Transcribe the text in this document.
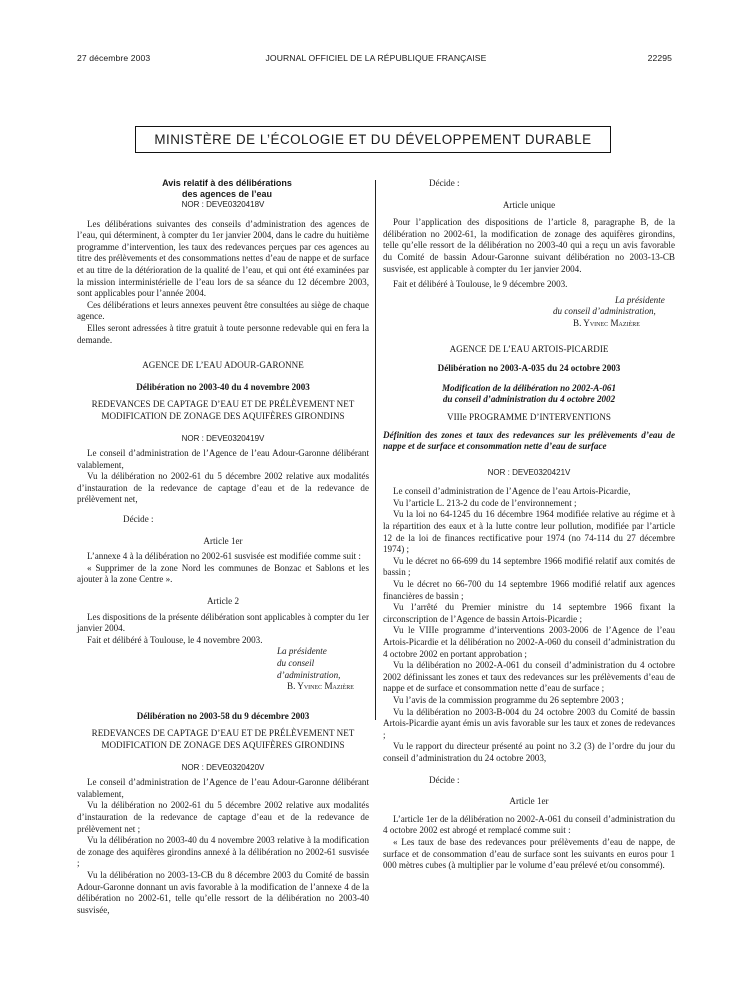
27 décembre 2003	JOURNAL OFFICIEL DE LA RÉPUBLIQUE FRANÇAISE	22295
MINISTÈRE DE L’ÉCOLOGIE ET DU DÉVELOPPEMENT DURABLE
Avis relatif à des délibérations
des agences de l’eau
NOR : DEVE0320418V

Les délibérations suivantes des conseils d’administration des agences de l’eau, qui déterminent, à compter du 1er janvier 2004, dans le cadre du huitième programme d’intervention, les taux des redevances perçues par ces agences au titre des prélèvements et des consommations nettes d’eau de nappe et de surface et au titre de la détérioration de la qualité de l’eau, et qui ont été examinées par la mission interministérielle de l’eau lors de sa séance du 12 décembre 2003, sont applicables pour l’année 2004.

Ces délibérations et leurs annexes peuvent être consultées au siège de chaque agence.

Elles seront adressées à titre gratuit à toute personne redevable qui en fera la demande.

AGENCE DE L’EAU ADOUR-GARONNE
Délibération no 2003-40 du 4 novembre 2003
REDEVANCES DE CAPTAGE D’EAU ET DE PRÉLÈVEMENT NET
MODIFICATION DE ZONAGE DES AQUIFÈRES GIRONDINS
NOR : DEVE0320419V

Le conseil d’administration de l’Agence de l’eau Adour-Garonne délibérant valablement,

Vu la délibération no 2002-61 du 5 décembre 2002 relative aux modalités d’instauration de la redevance de captage d’eau et de la redevance de prélèvement net,

Décide :
Article 1er

L’annexe 4 à la délibération no 2002-61 susvisée est modifiée comme suit :

« Supprimer de la zone Nord les communes de Bonzac et Sablons et les ajouter à la zone Centre ».

Article 2

Les dispositions de la présente délibération sont applicables à compter du 1er janvier 2004.

Fait et délibéré à Toulouse, le 4 novembre 2003.

La présidente
du conseil d’administration,
B. Yvinec Mazière
Délibération no 2003-58 du 9 décembre 2003
REDEVANCES DE CAPTAGE D’EAU ET DE PRÉLÈVEMENT NET
MODIFICATION DE ZONAGE DES AQUIFÈRES GIRONDINS
NOR : DEVE0320420V

Le conseil d’administration de l’Agence de l’eau Adour-Garonne délibérant valablement,

Vu la délibération no 2002-61 du 5 décembre 2002 relative aux modalités d’instauration de la redevance de captage d’eau et de la redevance de prélèvement net ;

Vu la délibération no 2003-40 du 4 novembre 2003 relative à la modification de zonage des aquifères girondins annexé à la délibération no 2002-61 susvisée ;

Vu la délibération no 2003-13-CB du 8 décembre 2003 du Comité de bassin Adour-Garonne donnant un avis favorable à la modification de l’annexe 4 de la délibération no 2002-61, telle qu’elle ressort de la délibération no 2003-40 susvisée,

Décide :
Article unique

Pour l’application des dispositions de l’article 8, paragraphe B, de la délibération no 2002-61, la modification de zonage des aquifères girondins, telle qu’elle ressort de la délibération no 2003-40 qui a reçu un avis favorable du Comité de bassin Adour-Garonne suivant délibération no 2003-13-CB susvisée, est applicable à compter du 1er janvier 2004.

Fait et délibéré à Toulouse, le 9 décembre 2003.

La présidente
du conseil d’administration,
B. Yvinec Mazière
AGENCE DE L’EAU ARTOIS-PICARDIE
Délibération no 2003-A-035 du 24 octobre 2003
Modification de la délibération no 2002-A-061
du conseil d’administration du 4 octobre 2002
VIIIe PROGRAMME D’INTERVENTIONS
Définition des zones et taux des redevances sur les prélèvements d’eau de nappe et de surface et consommation nette d’eau de surface
NOR : DEVE0320421V

Le conseil d’administration de l’Agence de l’eau Artois-Picardie,

Vu l’article L. 213-2 du code de l’environnement ;

Vu la loi no 64-1245 du 16 décembre 1964 modifiée relative au régime et à la répartition des eaux et à la lutte contre leur pollution, modifiée par l’article 12 de la loi de finances rectificative pour 1974 (no 74-114 du 27 décembre 1974) ;

Vu le décret no 66-699 du 14 septembre 1966 modifié relatif aux comités de bassin ;

Vu le décret no 66-700 du 14 septembre 1966 modifié relatif aux agences financières de bassin ;

Vu l’arrêté du Premier ministre du 14 septembre 1966 fixant la circonscription de l’Agence de bassin Artois-Picardie ;

Vu le VIIIe programme d’interventions 2003-2006 de l’Agence de l’eau Artois-Picardie et la délibération no 2002-A-060 du conseil d’administration du 4 octobre 2002 en portant approbation ;

Vu la délibération no 2002-A-061 du conseil d’administration du 4 octobre 2002 définissant les zones et taux des redevances sur les prélèvements d’eau de nappe et de surface et consommation nette d’eau de surface ;

Vu l’avis de la commission programme du 26 septembre 2003 ;

Vu la délibération no 2003-B-004 du 24 octobre 2003 du Comité de bassin Artois-Picardie ayant émis un avis favorable sur les taux et zones de redevances ;

Vu le rapport du directeur présenté au point no 3.2 (3) de l’ordre du jour du conseil d’administration du 24 octobre 2003,

Décide :
Article 1er

L’article 1er de la délibération no 2002-A-061 du conseil d’administration du 4 octobre 2002 est abrogé et remplacé comme suit :

« Les taux de base des redevances pour prélèvements d’eau de nappe, de surface et de consommation d’eau de surface sont les suivants en euros pour 1 000 mètres cubes (à multiplier par le volume d’eau prélevé et/ou consommé).
